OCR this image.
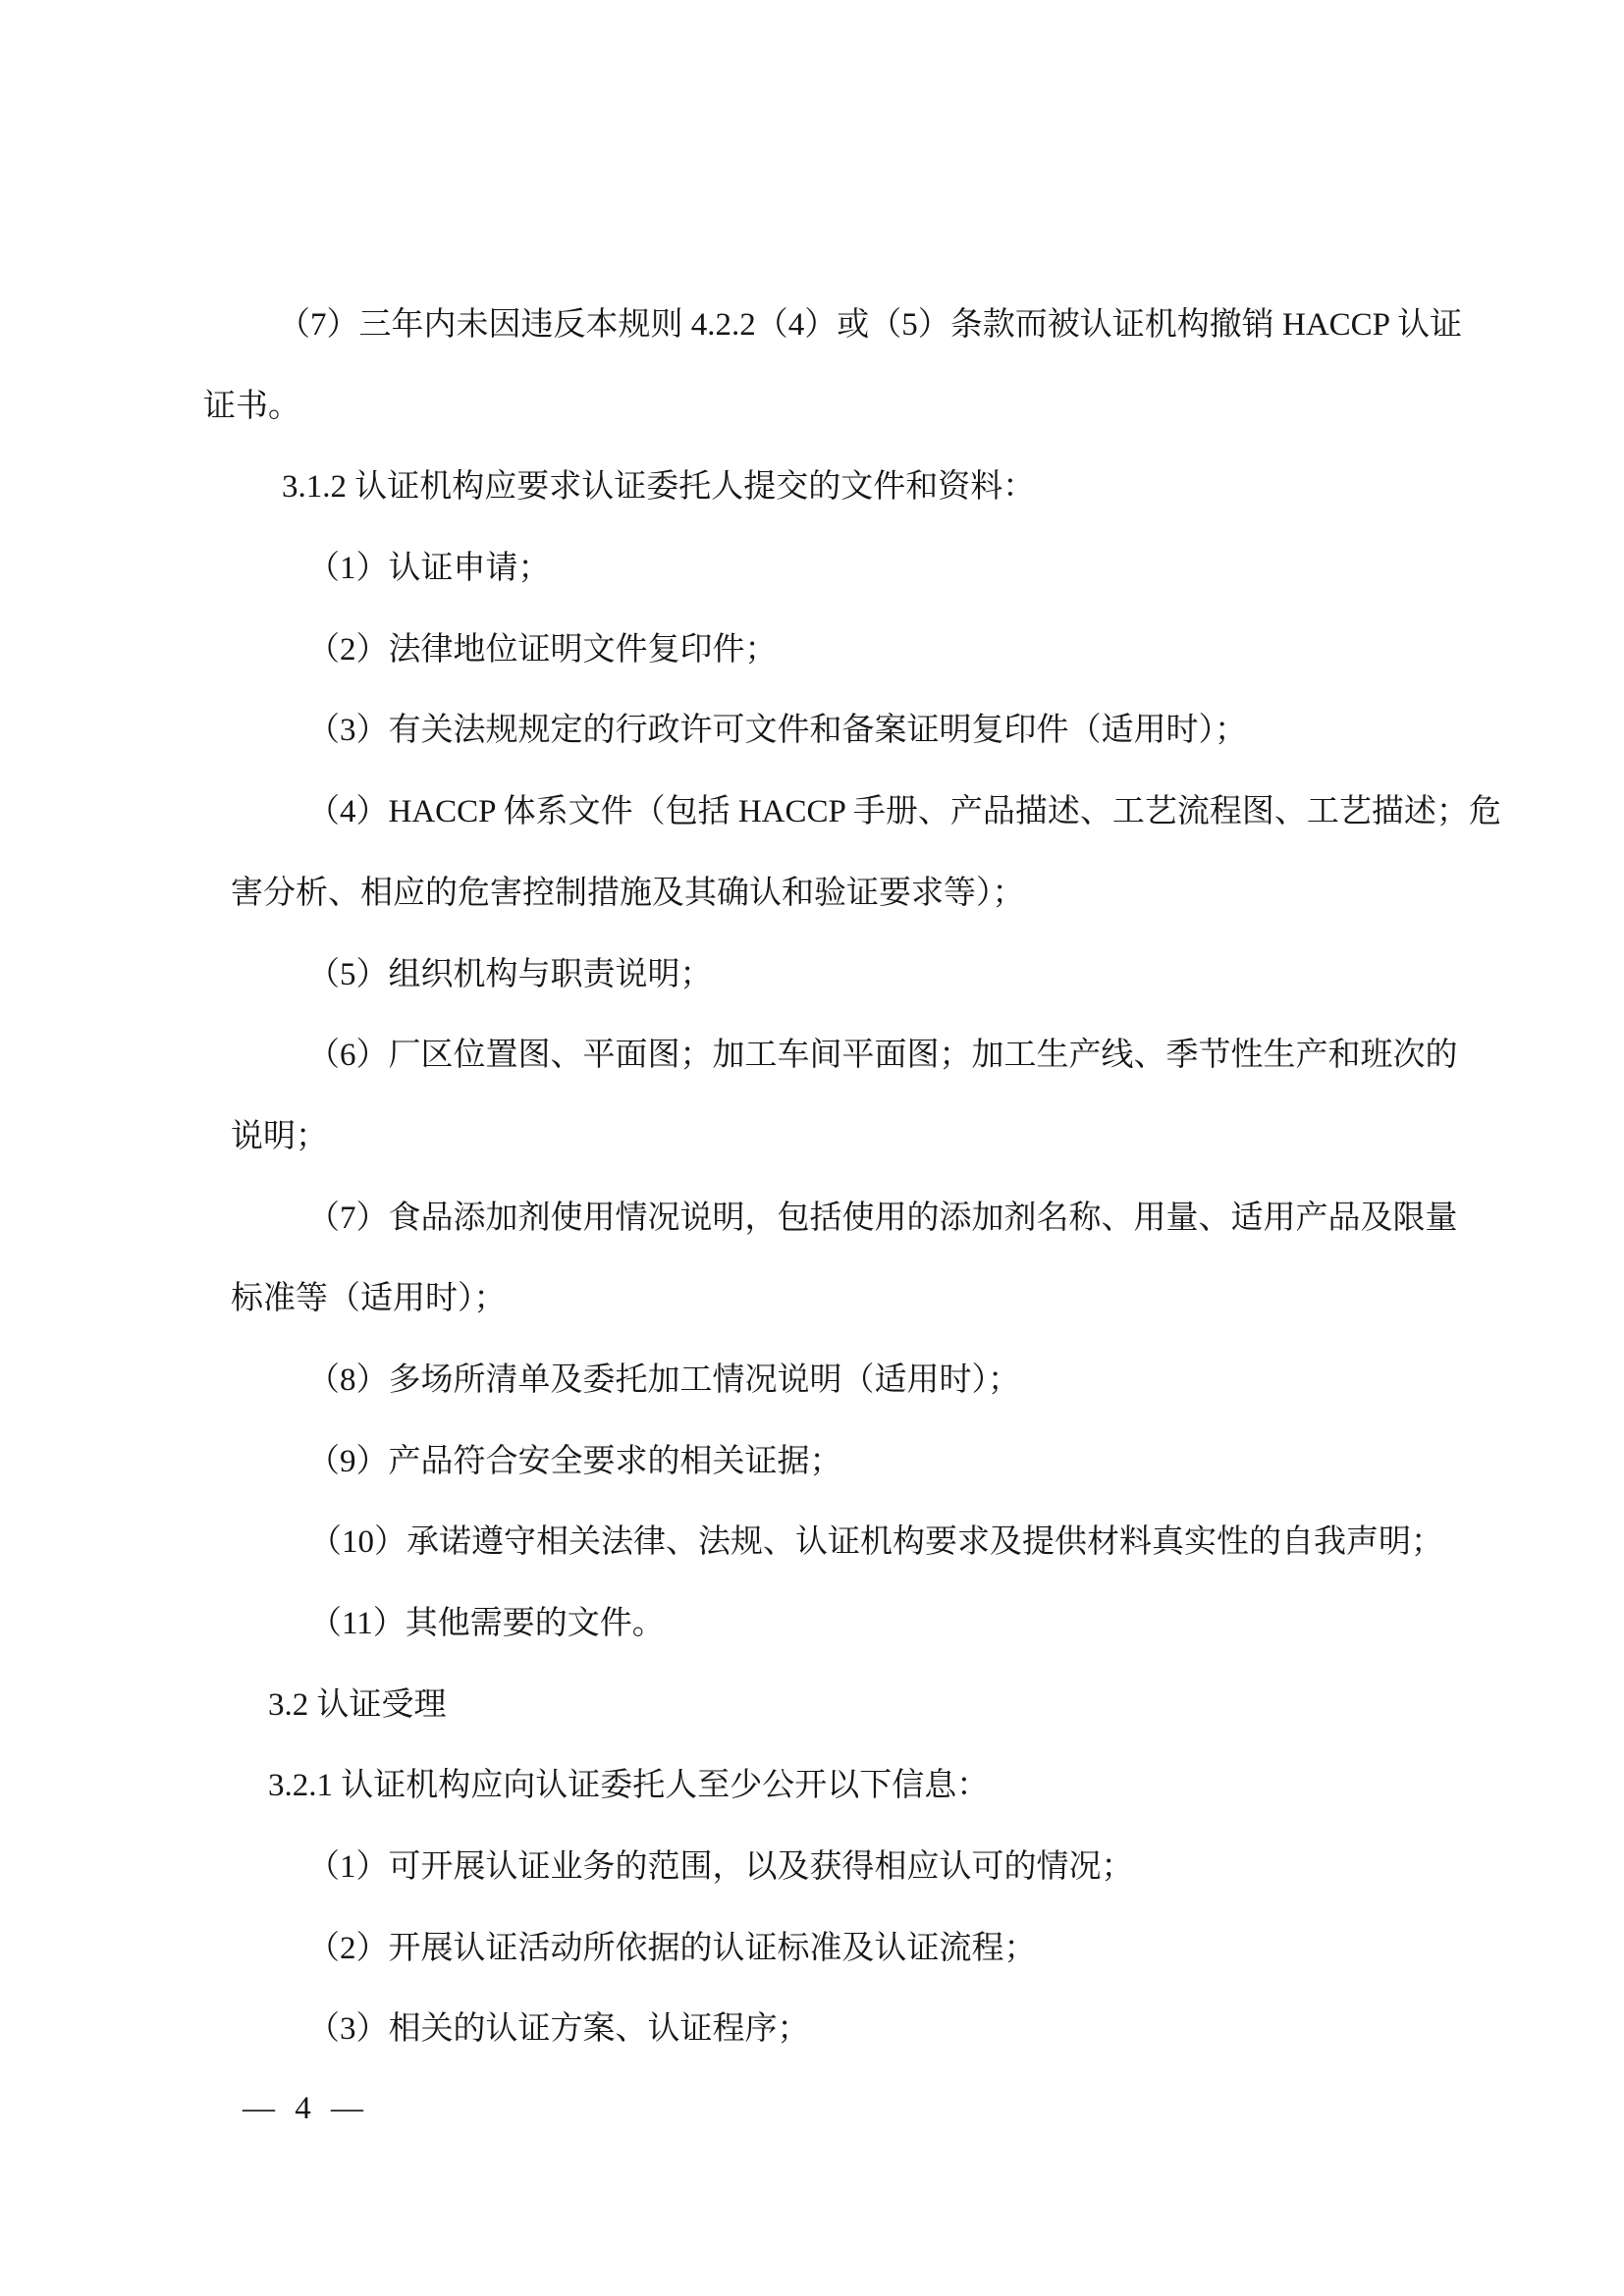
（7）三年内未因违反本规则 4.2.2（4）或（5）条款而被认证机构撤销 HACCP 认证
证书。
3.1.2 认证机构应要求认证委托人提交的文件和资料：
（1）认证申请；
（2）法律地位证明文件复印件；
（3）有关法规规定的行政许可文件和备案证明复印件（适用时）；
（4）HACCP 体系文件（包括 HACCP 手册、产品描述、工艺流程图、工艺描述；危
害分析、相应的危害控制措施及其确认和验证要求等）；
（5）组织机构与职责说明；
（6）厂区位置图、平面图；加工车间平面图；加工生产线、季节性生产和班次的
说明；
（7）食品添加剂使用情况说明，包括使用的添加剂名称、用量、适用产品及限量
标准等（适用时）；
（8）多场所清单及委托加工情况说明（适用时）；
（9）产品符合安全要求的相关证据；
（10）承诺遵守相关法律、法规、认证机构要求及提供材料真实性的自我声明；
（11）其他需要的文件。
3.2 认证受理
3.2.1 认证机构应向认证委托人至少公开以下信息：
（1）可开展认证业务的范围，以及获得相应认可的情况；
（2）开展认证活动所依据的认证标准及认证流程；
（3）相关的认证方案、认证程序；
— 4 —
